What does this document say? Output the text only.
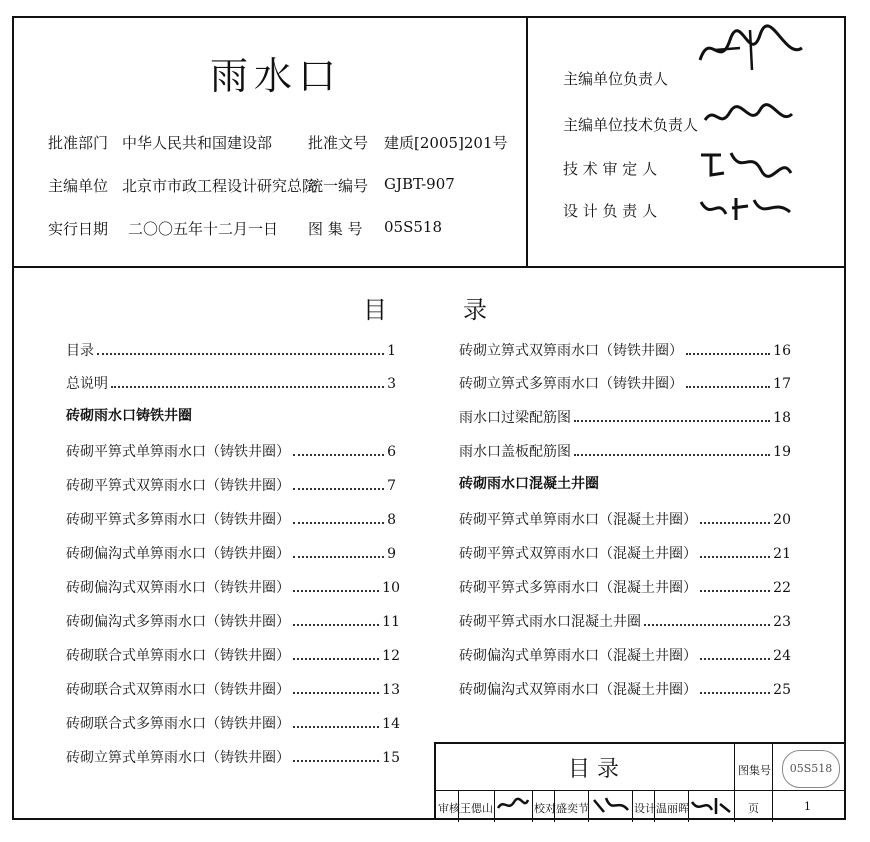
雨水口
批准部门 中华人民共和国建设部 批准文号 建质[2005]201号
主编单位 北京市市政工程设计研究总院
统一编号 GJBT-907
实行日期 二〇〇五年十二月一日 图 集 号 05S518
主编单位负责人
主编单位技术负责人
技 术 审 定 人
设 计 负 责 人
目	录
目录	1
总说明	3
砖砌雨水口铸铁井圈
砖砌平箅式单箅雨水口（铸铁井圈）	6
砖砌平箅式双箅雨水口（铸铁井圈）	7
砖砌平箅式多箅雨水口（铸铁井圈）	8
砖砌偏沟式单箅雨水口（铸铁井圈）	9
砖砌偏沟式双箅雨水口（铸铁井圈）	10
砖砌偏沟式多箅雨水口（铸铁井圈）	11
砖砌联合式单箅雨水口（铸铁井圈）	12
砖砌联合式双箅雨水口（铸铁井圈）	13
砖砌联合式多箅雨水口（铸铁井圈）	14
砖砌立箅式单箅雨水口（铸铁井圈）	15
砖砌立箅式双箅雨水口（铸铁井圈）	16
砖砌立箅式多箅雨水口（铸铁井圈）	17
雨水口过梁配筋图	18
雨水口盖板配筋图	19
砖砌雨水口混凝土井圈
砖砌平箅式单箅雨水口（混凝土井圈）	20
砖砌平箅式双箅雨水口（混凝土井圈）	21
砖砌平箅式多箅雨水口（混凝土井圈）	22
砖砌平箅式雨水口混凝土井圈	23
砖砌偏沟式单箅雨水口（混凝土井圈）	24
砖砌偏沟式双箅雨水口（混凝土井圈）	25
目 录	图集号	05S518
审核 王偲山	校对 盛奕节	设计 温丽晖	页	1
